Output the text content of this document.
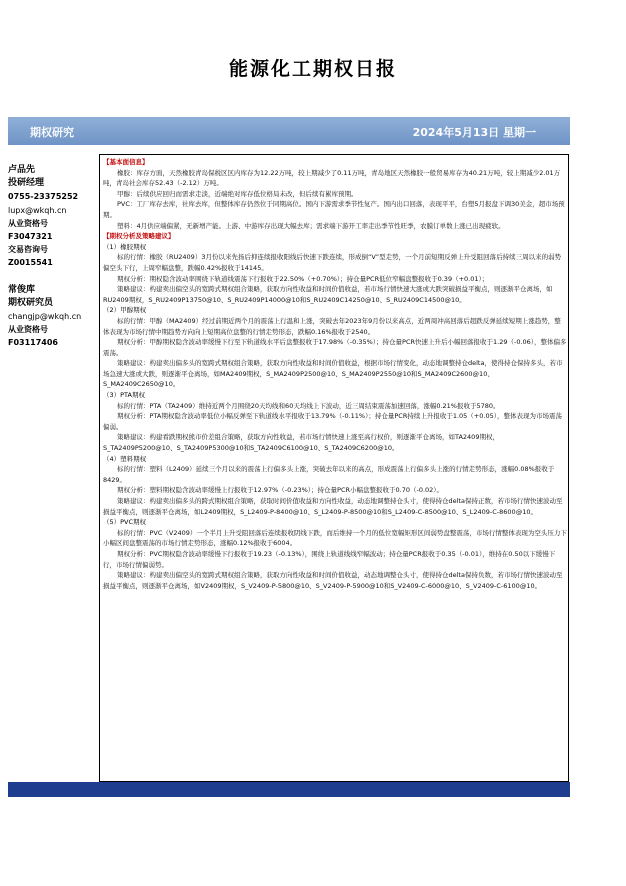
能源化工期权日报
期权研究	2024年5月13日 星期一
卢品先
投研经理
0755-23375252
lupx@wkqh.cn
从业资格号
F3047321
交易咨询号
Z0015541
常俊库
期权研究员
changjp@wkqh.cn
从业资格号
F03117406

【基本面信息】

橡胶：库存方面，天然橡胶青岛保税区区内库存为12.22万吨，较上期减少了0.11万吨，青岛地区天然橡胶一般贸易库存为40.21万吨，较上期减少2.01万吨，青岛社会库存52.43（-2.12）万吨。

甲醇：后续供应回归而需求走淡，近端绝对库存低位格局未改，但后续有累库预期。

PVC：工厂库存去库，社库去库，但整体库存仍然位于同期高位。国内下游需求季节性复产。国内出口回落，表现平平，台塑5月报盘下调30美金，超市场预期。

塑料：4月供应端偏紧，无新增产能。上游、中游库存出现大幅去库；需求端下游开工率走出季节性旺季，农膜订单数上涨已出现疲软。

【期权分析及策略建议】

（1）橡胶期权

标的行情：橡胶（RU2409）3月份以来先扬后抑连续报收阳线后快速下跌连续，形成倒“V”型走势，一个月前短期反弹上升受阻回落后持续三周以来的弱势偏空头下行，上周窄幅盘整，跌幅0.42%报收于14145。

期权分析：期权隐含波动率围绕下轨道线震荡下行报收于22.50%（+0.70%）；持仓量PCR低位窄幅盘整报收于0.39（+0.01）；

策略建议：构建卖出偏空头的宽跨式期权组合策略，获取方向性收益和时间价值收益，若市场行情快速大涨或大跌突破损益平衡点，则逐渐平仓离场，如RU2409期权，S_RU2409P13750@10、S_RU2409P14000@10和S_RU2409C14250@10、S_RU2409C14500@10。

（2）甲醇期权

标的行情：甲醇（MA2409）经过前期近两个月的震荡上行温和上涨，突破去年2023年9月份以来高点，近两周冲高回落后超跌反弹延续短期上涨趋势，整体表现为市场行情中期趋势方向向上短期高位盘整的行情走势形态，跌幅0.16%报收于2540。

期权分析：甲醇期权隐含波动率缓慢下行至下轨道线水平后盘整报收于17.98%（-0.35%）；持仓量PCR快速上升后小幅回落报收于1.29（-0.06），整体偏多震荡。

策略建议：构建卖出偏多头的宽跨式期权组合策略，获取方向性收益和时间价值收益，根据市场行情变化，动态地调整持仓delta，使得持仓保持多头，若市场急速大涨或大跌，则逐渐平仓离场，如MA2409期权，S_MA2409P2500@10、S_MA2409P2550@10和S_MA2409C2600@10、S_MA2409C2650@10。

（3）PTA期权

标的行情：PTA（TA2409）维持近两个月围绕20天均线和60天均线上下波动，近三周结束震荡加速回落，涨幅0.21%报收于5780。

期权分析：PTA期权隐含波动率低位小幅反弹至下轨道线水平报收于13.79%（-0.11%）；持仓量PCR持续上升报收于1.05（+0.05），整体表现为市场震荡偏弱。

策略建议：构建看跌期权熊市价差组合策略，获取方向性收益，若市场行情快速上涨至高行权价，则逐渐平仓离场，如TA2409期权，S_TA2409P5200@10、S_TA2409P5300@10和S_TA2409C6100@10、S_TA2409C6200@10。

（4）塑料期权

标的行情：塑料（L2409）延续三个月以来的震荡上行偏多头上涨，突破去年以来的高点，形成震荡上行偏多头上涨的行情走势形态，涨幅0.08%报收于8429。

期权分析：塑料期权隐含波动率缓慢上行报收于12.97%（-0.23%）；持仓量PCR小幅盘整报收于0.70（-0.02）。

策略建议：构建卖出偏多头的跨式期权组合策略，获取时间价值收益和方向性收益，动态地调整持仓头寸，使得持仓delta保持正数，若市场行情快速波动至损益平衡点，则逐渐平仓离场，如L2409期权，S_L2409-P-8400@10、S_L2409-P-8500@10和S_L2409-C-8500@10、S_L2409-C-8600@10。

（5）PVC期权

标的行情：PVC（V2409）一个半月上升受阻回落后连续报收阴线下跌，而后维持一个月的低位宽幅矩形区间弱势盘整震荡，市场行情整体表现为空头压力下小幅区间盘整震荡的市场行情走势形态，涨幅0.12%报收于6004。

期权分析：PVC期权隐含波动率缓慢下行报收于19.23（-0.13%），围绕上轨道线线窄幅波动；持仓量PCR报收于0.35（-0.01），维持在0.50以下缓慢下行，市场行情偏弱势。

策略建议：构建卖出偏空头的宽跨式期权组合策略，获取方向性收益和时间价值收益，动态地调整仓头寸，使得持仓delta保持负数，若市场行情快速波动至损益平衡点，则逐渐平仓离场，如V2409期权，S_V2409-P-5800@10、S_V2409-P-5900@10和S_V2409-C-6000@10、S_V2409-C-6100@10。
